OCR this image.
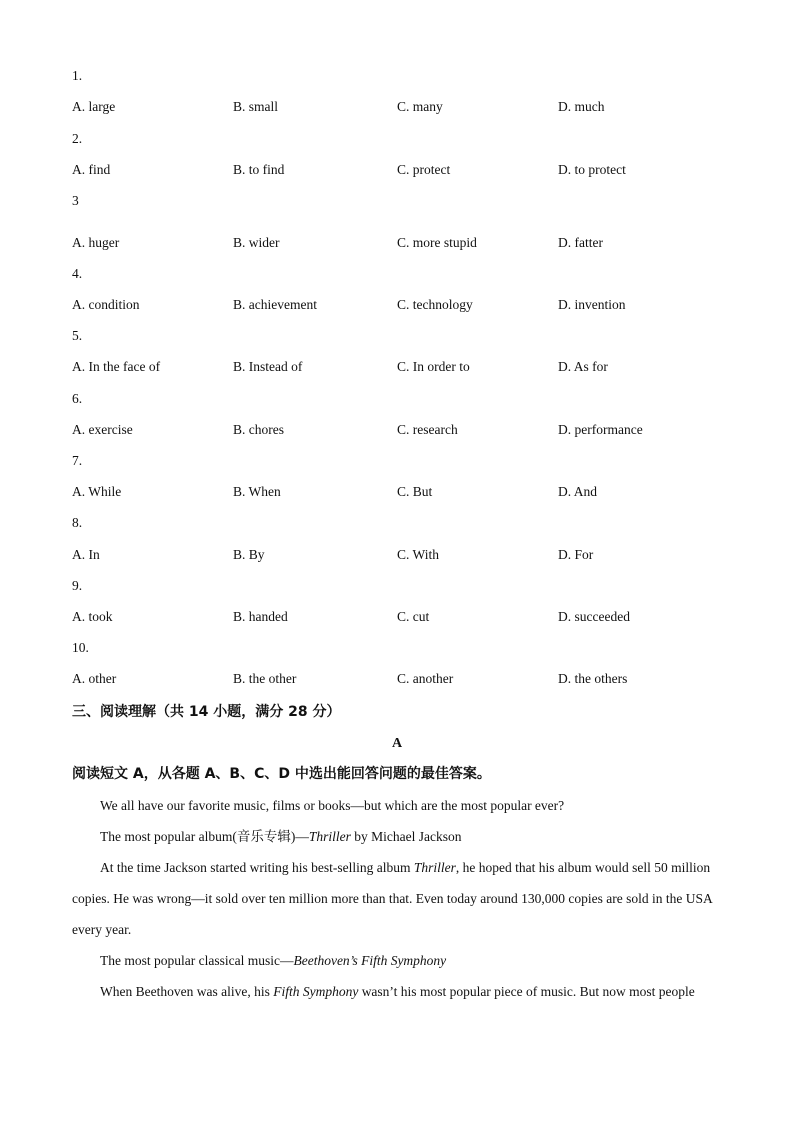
1.
A. large	B. small	C. many	D. much
2.
A. find	B. to find	C. protect	D. to protect
3
A. huger	B. wider	C. more stupid	D. fatter
4.
A. condition	B. achievement	C. technology	D. invention
5.
A. In the face of	B. Instead of	C. In order to	D. As for
6.
A. exercise	B. chores	C. research	D. performance
7.
A. While	B. When	C. But	D. And
8.
A. In	B. By	C. With	D. For
9.
A. took	B. handed	C. cut	D. succeeded
10.
A. other	B. the other	C. another	D. the others
三、阅读理解（共 14 小题，满分 28 分）
A
阅读短文 A，从各题 A、B、C、D 中选出能回答问题的最佳答案。
We all have our favorite music, films or books—but which are the most popular ever?
The most popular album(音乐专辑)—Thriller by Michael Jackson
At the time Jackson started writing his best-selling album Thriller, he hoped that his album would sell 50 million copies. He was wrong—it sold over ten million more than that. Even today around 130,000 copies are sold in the USA every year.
The most popular classical music—Beethoven’s Fifth Symphony
When Beethoven was alive, his Fifth Symphony wasn’t his most popular piece of music. But now most people
